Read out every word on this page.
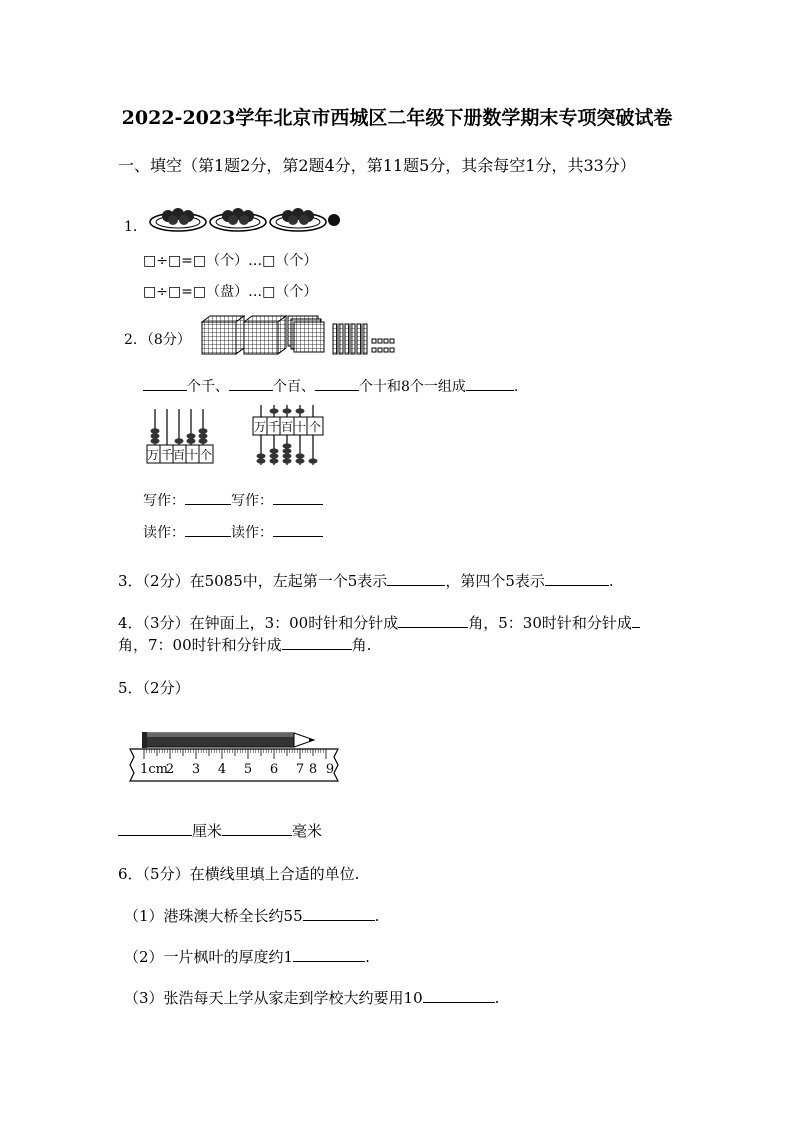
2022-2023学年北京市西城区二年级下册数学期末专项突破试卷
一、填空（第1题2分，第2题4分，第11题5分，其余每空1分，共33分）
1．
□÷□=□（个）…□（个）
□÷□=□（盘）…□（个）
2．（8分）
个千、	个百、	个十和8个一组成	.
万 千 百 十 个
万 千 百 十 个
写作：	写作：
读作：	读作：
3．（2分）在5085中，左起第一个5表示	，第四个5表示	.
4．（3分）在钟面上，3：00时针和分针成	角，5：30时针和分针成
角，7：00时针和分针成	角.
5．（2分）
1cm
2 3 4 5 6 7 8 9
厘米	毫米
6．（5分）在横线里填上合适的单位.
（1）港珠澳大桥全长约55	.
（2）一片枫叶的厚度约1	.
（3）张浩每天上学从家走到学校大约要用10	.
